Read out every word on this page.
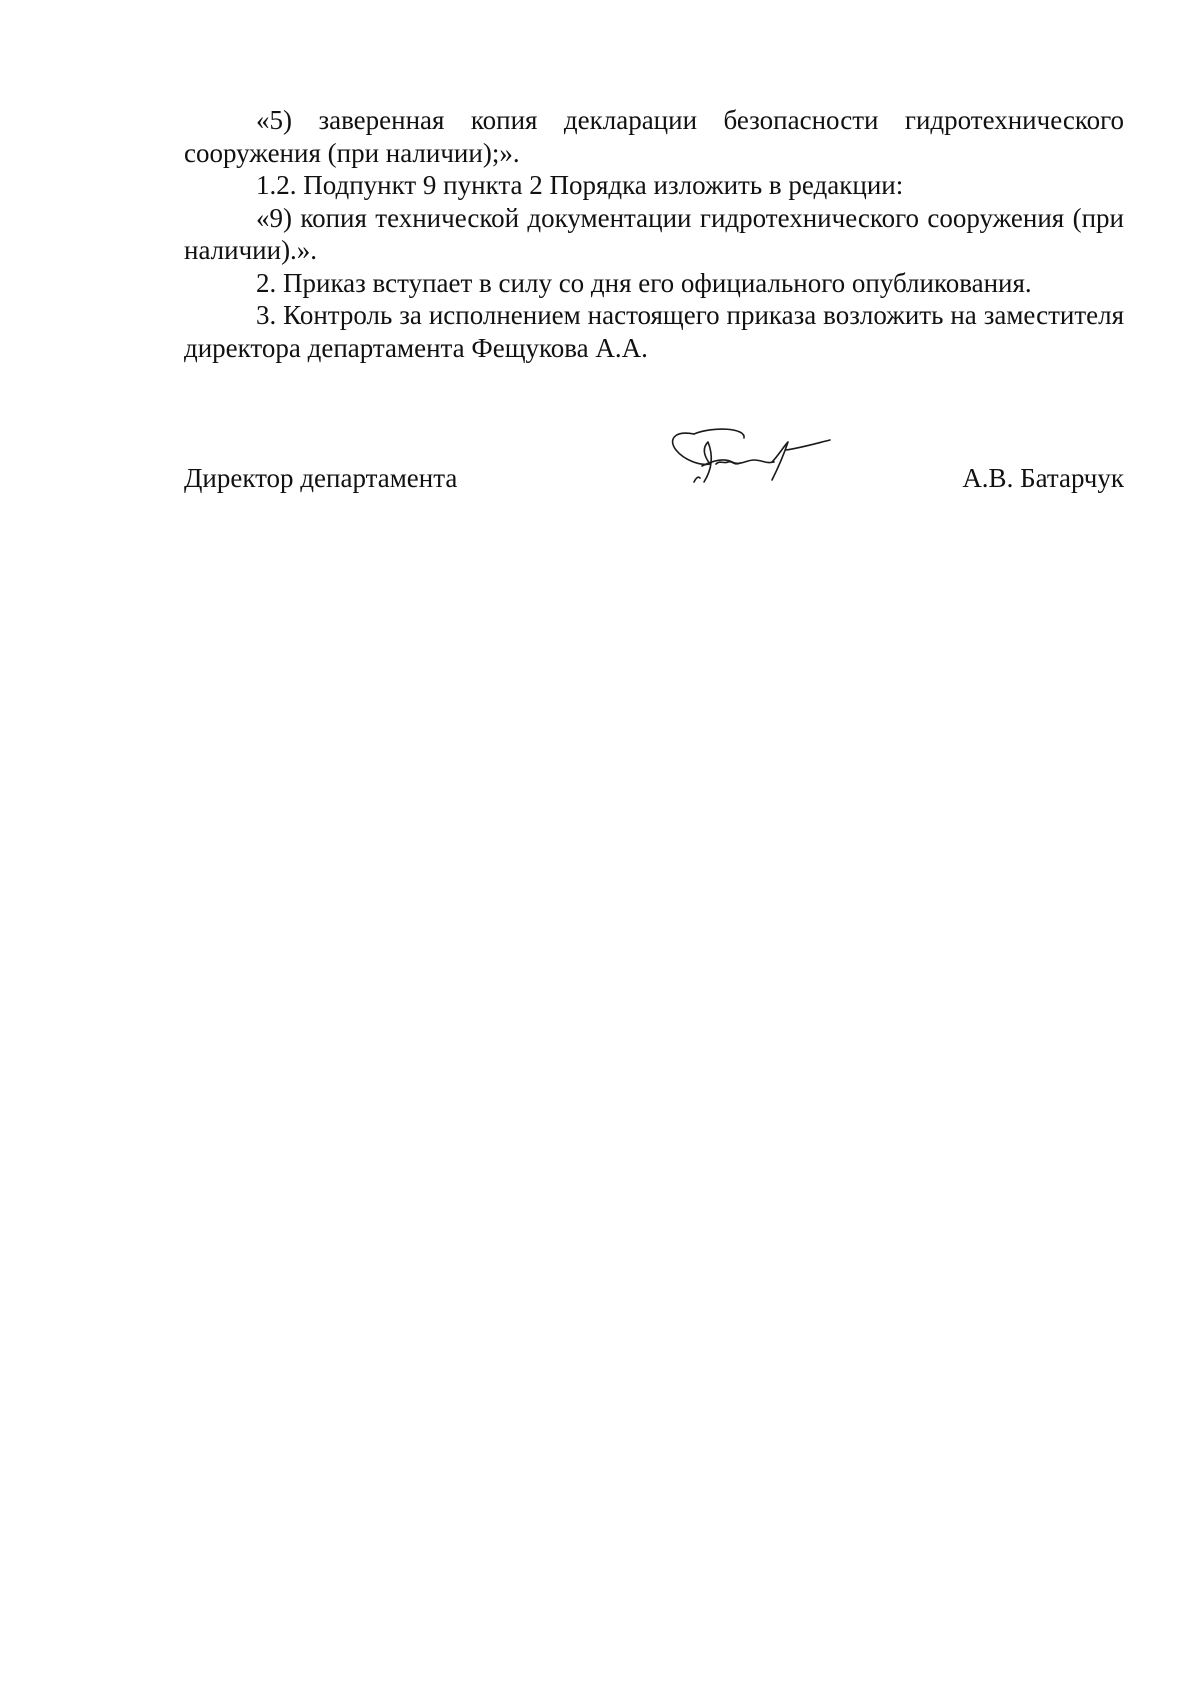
«5) заверенная копия декларации безопасности гидротехнического сооружения (при наличии);».

1.2. Подпункт 9 пункта 2 Порядка изложить в редакции:

«9) копия технической документации гидротехнического сооружения (при наличии).».

2. Приказ вступает в силу со дня его официального опубликования.

3. Контроль за исполнением настоящего приказа возложить на заместителя директора департамента Фещукова А.А.

Директор департамента	А.В. Батарчук
